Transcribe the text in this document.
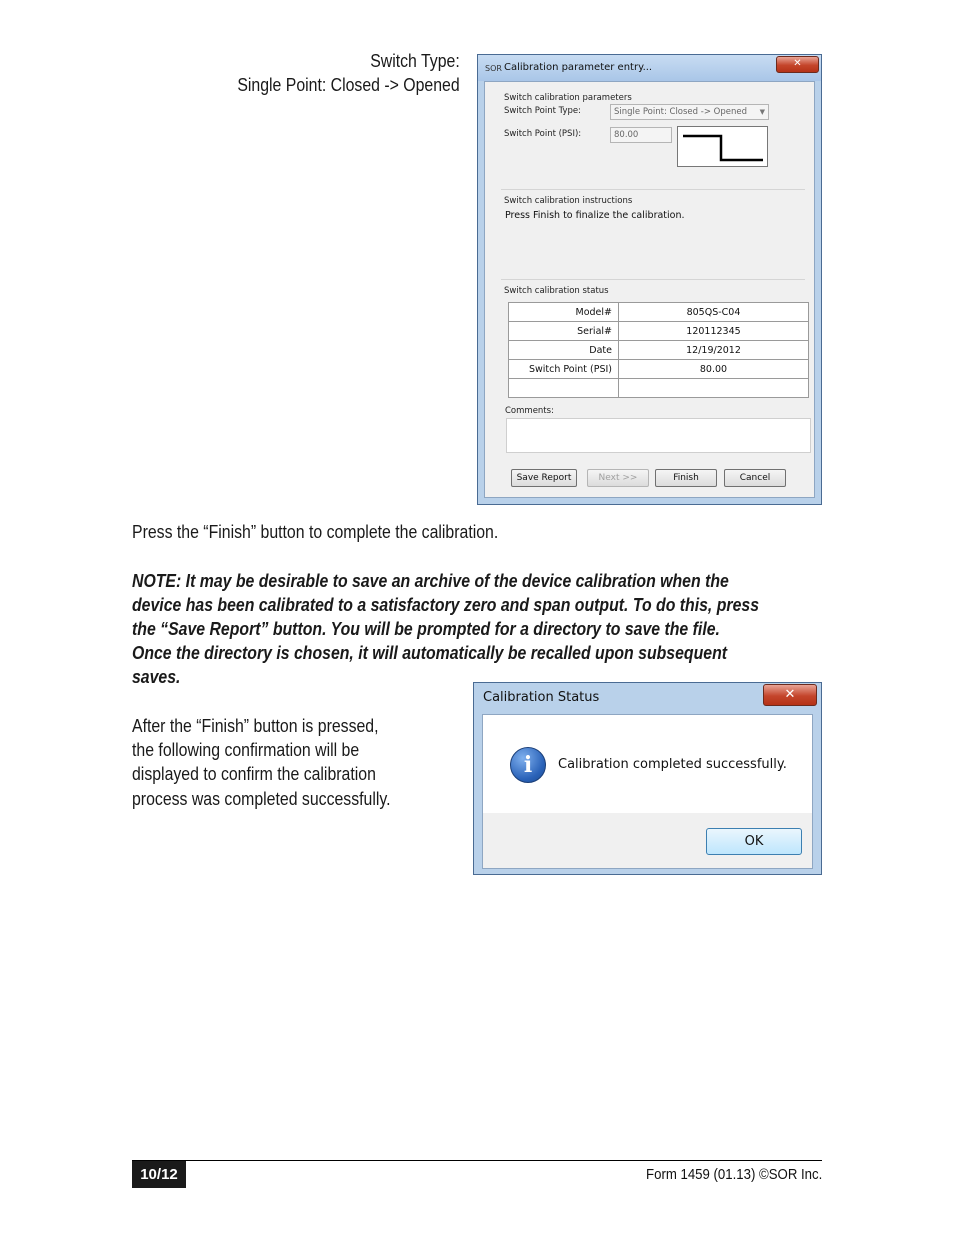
Switch Type:
Single Point: Closed -> Opened
SOR Calibration parameter entry...	✕
Switch calibration parameters
Switch Point Type:	Single Point: Closed -> Opened ▼
Switch Point (PSI):	80.00
Switch calibration instructions
Press Finish to finalize the calibration.
Switch calibration status
Model#	805QS-C04
Serial#	120112345
Date	12/19/2012
Switch Point (PSI)	80.00

Comments:
Save Report	Next >>	Finish	Cancel
Press the “Finish” button to complete the calibration.
NOTE: It may be desirable to save an archive of the device calibration when the
device has been calibrated to a satisfactory zero and span output. To do this, press
the “Save Report” button. You will be prompted for a directory to save the file.
Once the directory is chosen, it will automatically be recalled upon subsequent
saves.
After the “Finish” button is pressed,
the following confirmation will be
displayed to confirm the calibration
process was completed successfully.
Calibration Status	✕
i	Calibration completed successfully.
OK
10/12	Form 1459 (01.13) ©SOR Inc.
